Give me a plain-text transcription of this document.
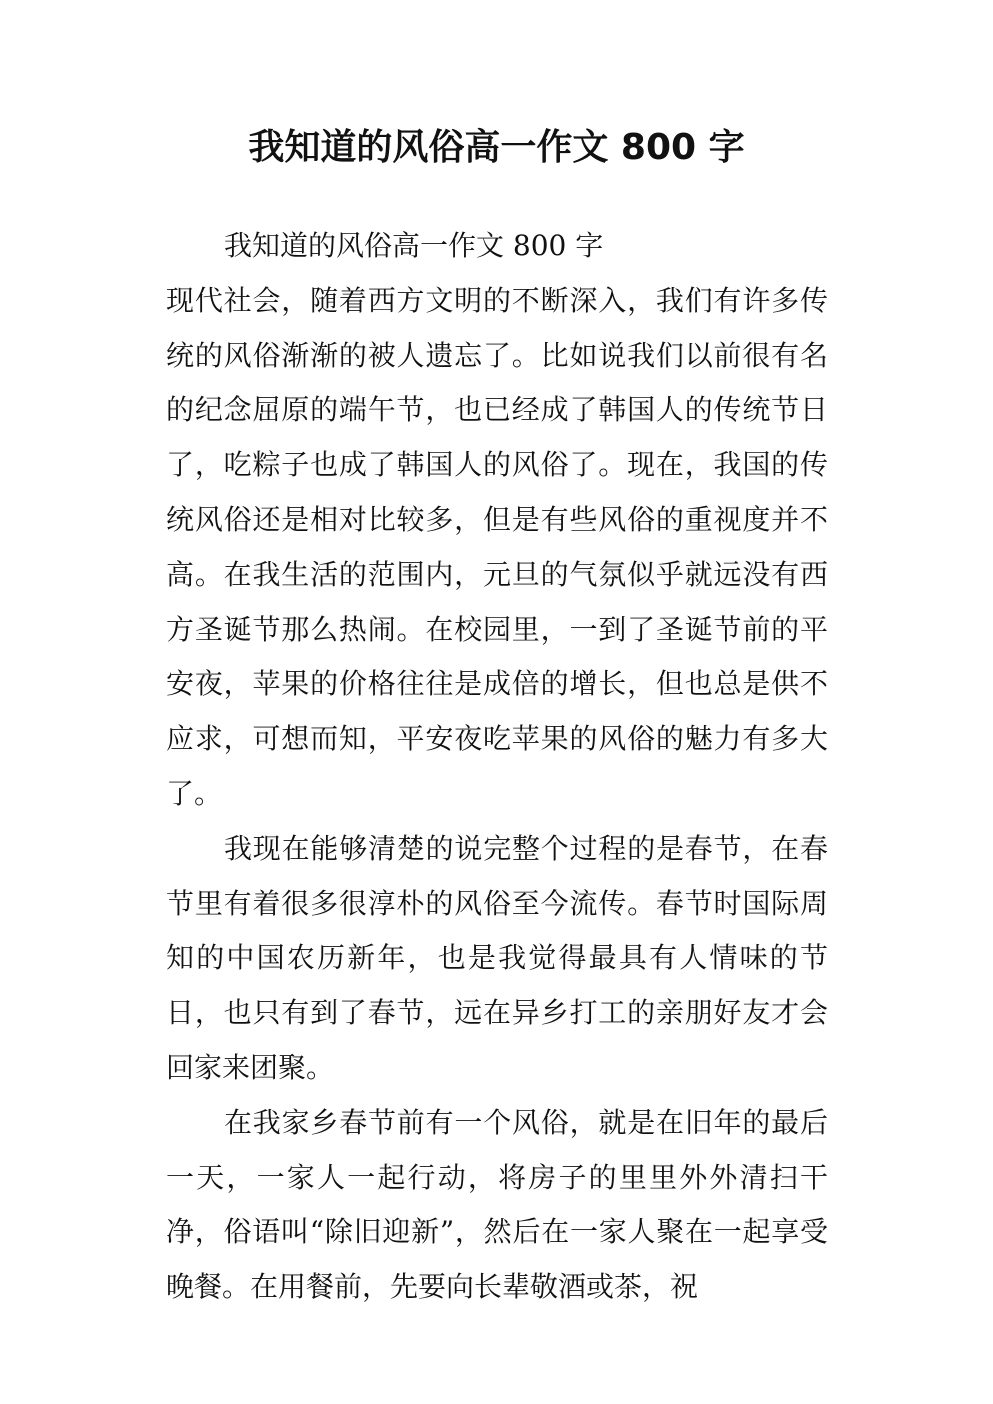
我知道的风俗高一作文 800 字

我知道的风俗高一作文 800 字

现代社会，随着西方文明的不断深入，我们有许多传统的风俗渐渐的被人遗忘了。比如说我们以前很有名的纪念屈原的端午节，也已经成了韩国人的传统节日了，吃粽子也成了韩国人的风俗了。现在，我国的传统风俗还是相对比较多，但是有些风俗的重视度并不高。在我生活的范围内，元旦的气氛似乎就远没有西方圣诞节那么热闹。在校园里，一到了圣诞节前的平安夜，苹果的价格往往是成倍的增长，但也总是供不应求，可想而知，平安夜吃苹果的风俗的魅力有多大了。

我现在能够清楚的说完整个过程的是春节，在春节里有着很多很淳朴的风俗至今流传。春节时国际周知的中国农历新年，也是我觉得最具有人情味的节日，也只有到了春节，远在异乡打工的亲朋好友才会回家来团聚。

在我家乡春节前有一个风俗，就是在旧年的最后一天，一家人一起行动，将房子的里里外外清扫干净，俗语叫“除旧迎新”，然后在一家人聚在一起享受晚餐。在用餐前，先要向长辈敬酒或茶，祝
